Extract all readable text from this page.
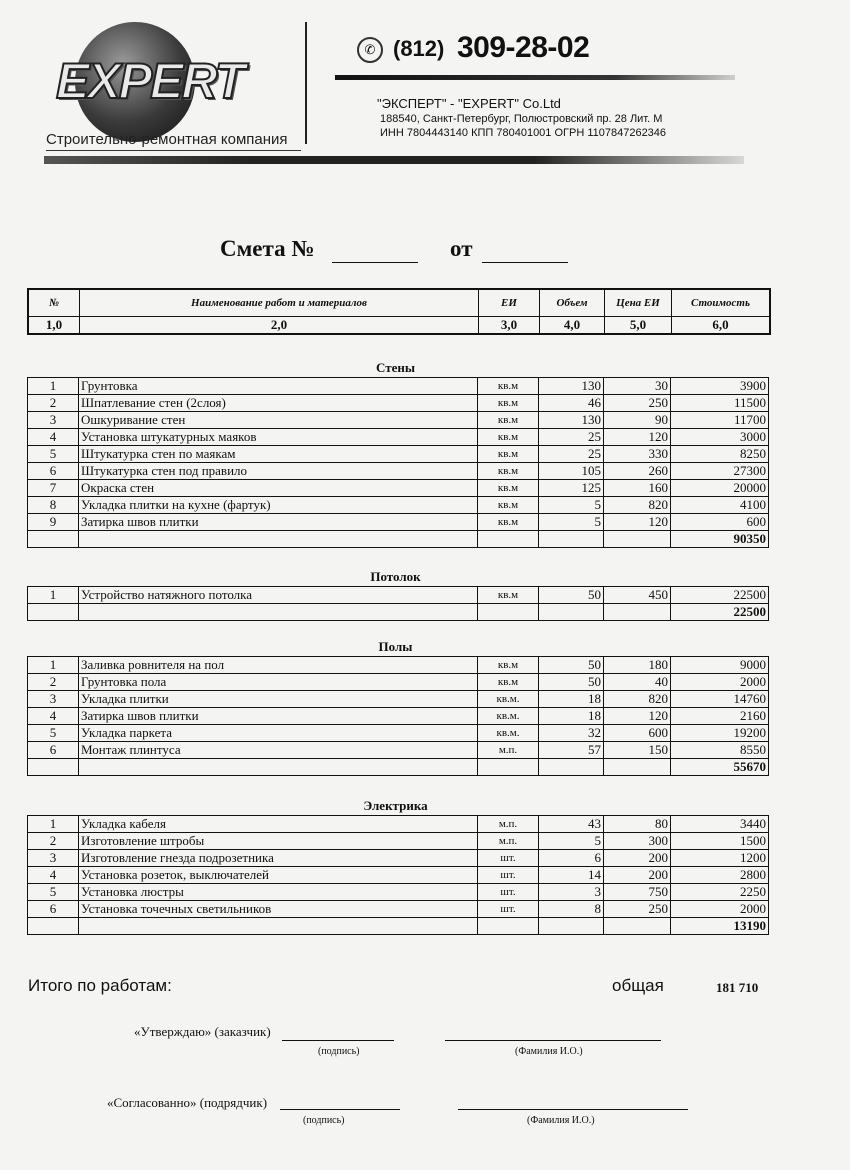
EXPERT
Строительно-ремонтная компания
✆ (812) 309-28-02
"ЭКСПЕРТ" - "EXPERT" Co.Ltd
188540, Санкт-Петербург, Полюстровский пр. 28 Лит. М
ИНН 7804443140 КПП 780401001 ОГРН 1107847262346
Смета №	от
№	Наименование работ и материалов	ЕИ	Объем	Цена ЕИ	Стоимость
1,0	2,0	3,0	4,0	5,0	6,0
Стены
1	Грунтовка	кв.м	130	30	3900
2	Шпатлевание стен (2слоя)	кв.м	46	250	11500
3	Ошкуривание стен	кв.м	130	90	11700
4	Установка штукатурных маяков	кв.м	25	120	3000
5	Штукатурка стен по маякам	кв.м	25	330	8250
6	Штукатурка стен под правило	кв.м	105	260	27300
7	Окраска стен	кв.м	125	160	20000
8	Укладка плитки на кухне (фартук)	кв.м	5	820	4100
9	Затирка швов плитки	кв.м	5	120	600
					90350
Потолок
1	Устройство натяжного потолка	кв.м	50	450	22500
					22500
Полы
1	Заливка ровнителя на пол	кв.м	50	180	9000
2	Грунтовка пола	кв.м	50	40	2000
3	Укладка плитки	кв.м.	18	820	14760
4	Затирка швов плитки	кв.м.	18	120	2160
5	Укладка паркета	кв.м.	32	600	19200
6	Монтаж плинтуса	м.п.	57	150	8550
					55670
Электрика
1	Укладка кабеля	м.п.	43	80	3440
2	Изготовление штробы	м.п.	5	300	1500
3	Изготовление гнезда подрозетника	шт.	6	200	1200
4	Установка розеток, выключателей	шт.	14	200	2800
5	Установка люстры	шт.	3	750	2250
6	Установка точечных светильников	шт.	8	250	2000
					13190
Итого по работам:	общая	181 710
«Утверждаю» (заказчик)
(подпись)	(Фамилия И.О.)
«Согласованно» (подрядчик)
(подпись)	(Фамилия И.О.)
